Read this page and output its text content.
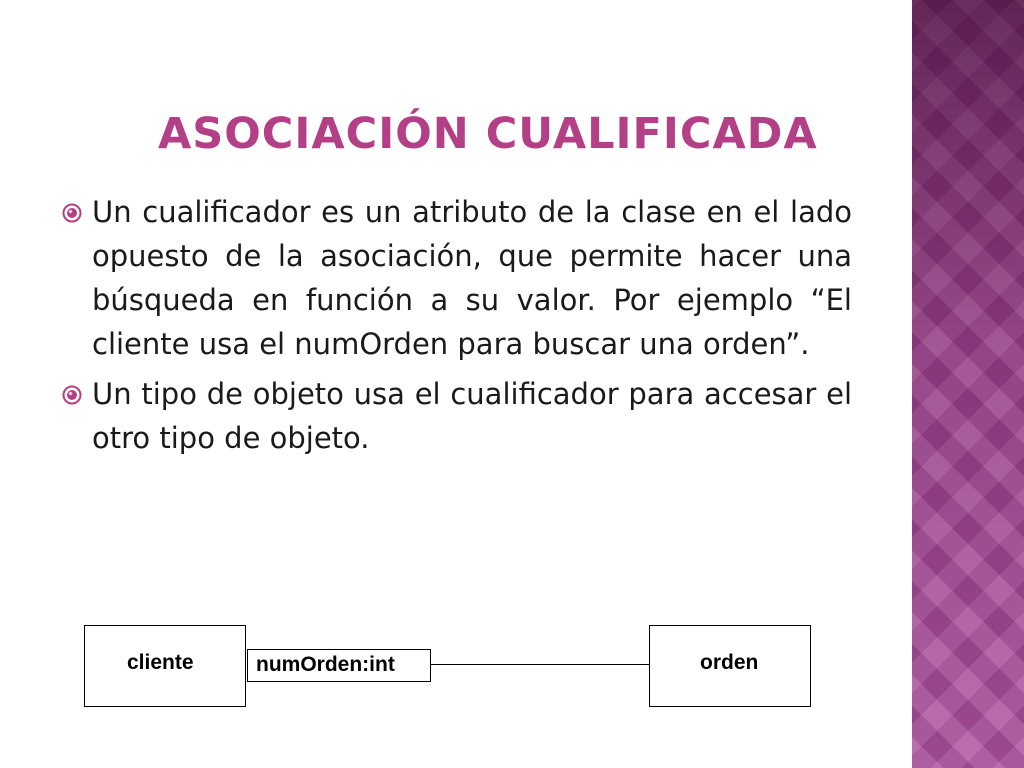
ASOCIACIÓN CUALIFICADA
Un cualificador es un atributo de la clase en el lado opuesto de la asociación, que permite hacer una búsqueda en función a su valor. Por ejemplo “El cliente usa el numOrden para buscar una orden”.
Un tipo de objeto usa el cualificador para accesar el otro tipo de objeto.
cliente	numOrden:int	orden
